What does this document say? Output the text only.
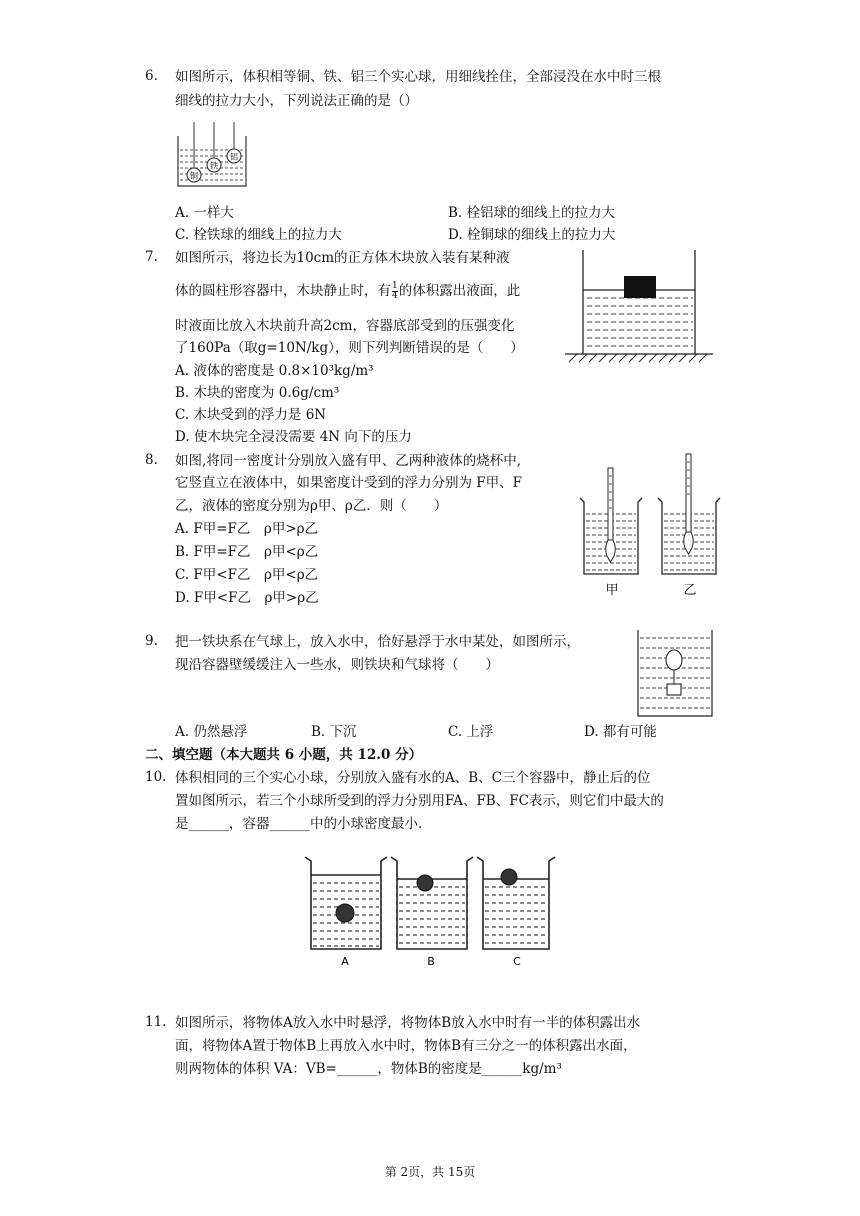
6.	如图所示，体积相等铜、铁、铝三个实心球，用细线拴住，全部浸没在水中时三根
细线的拉力大小，下列说法正确的是（）
铜
铁
铝
A. 一样大	B. 栓铝球的细线上的拉力大
C. 栓铁球的细线上的拉力大	D. 栓铜球的细线上的拉力大
7.	如图所示，将边长为10cm的正方体木块放入装有某种液
体的圆柱形容器中，木块静止时，有 $\frac{1}{4}$ 的体积露出液面，此
时液面比放入木块前升高2cm，容器底部受到的压强变化
了160Pa（取g=10N/kg），则下列判断错误的是（　　）
A. 液体的密度是 0.8×10³kg/m³
B. 木块的密度为 0.6g/cm³
C. 木块受到的浮力是 6N
D. 使木块完全浸没需要 4N 向下的压力
8.	如图,将同一密度计分别放入盛有甲、乙两种液体的烧杯中,
它竖直立在液体中，如果密度计受到的浮力分别为 F甲、F
乙，液体的密度分别为ρ甲、ρ乙．则（　　）
A. F甲=F乙　ρ甲>ρ乙
B. F甲=F乙　ρ甲<ρ乙
C. F甲<F乙　ρ甲<ρ乙
D. F甲<F乙　ρ甲>ρ乙	甲	乙
9.	把一铁块系在气球上，放入水中，恰好悬浮于水中某处，如图所示，
现沿容器壁缓缓注入一些水，则铁块和气球将（　　）
A. 仍然悬浮	B. 下沉	C. 上浮	D. 都有可能
二、填空题（本大题共 6 小题，共 12.0 分）
10. 体积相同的三个实心小球，分别放入盛有水的A、B、C三个容器中，静止后的位
置如图所示，若三个小球所受到的浮力分别用FA、FB、FC表示，则它们中最大的
是______，容器______中的小球密度最小.
A	B	C
11. 如图所示，将物体A放入水中时悬浮，将物体B放入水中时有一半的体积露出水
面，将物体A置于物体B上再放入水中时，物体B有三分之一的体积露出水面，
则两物体的体积 VA：VB=______，物体B的密度是______kg/m³
第 2页，共 15页
